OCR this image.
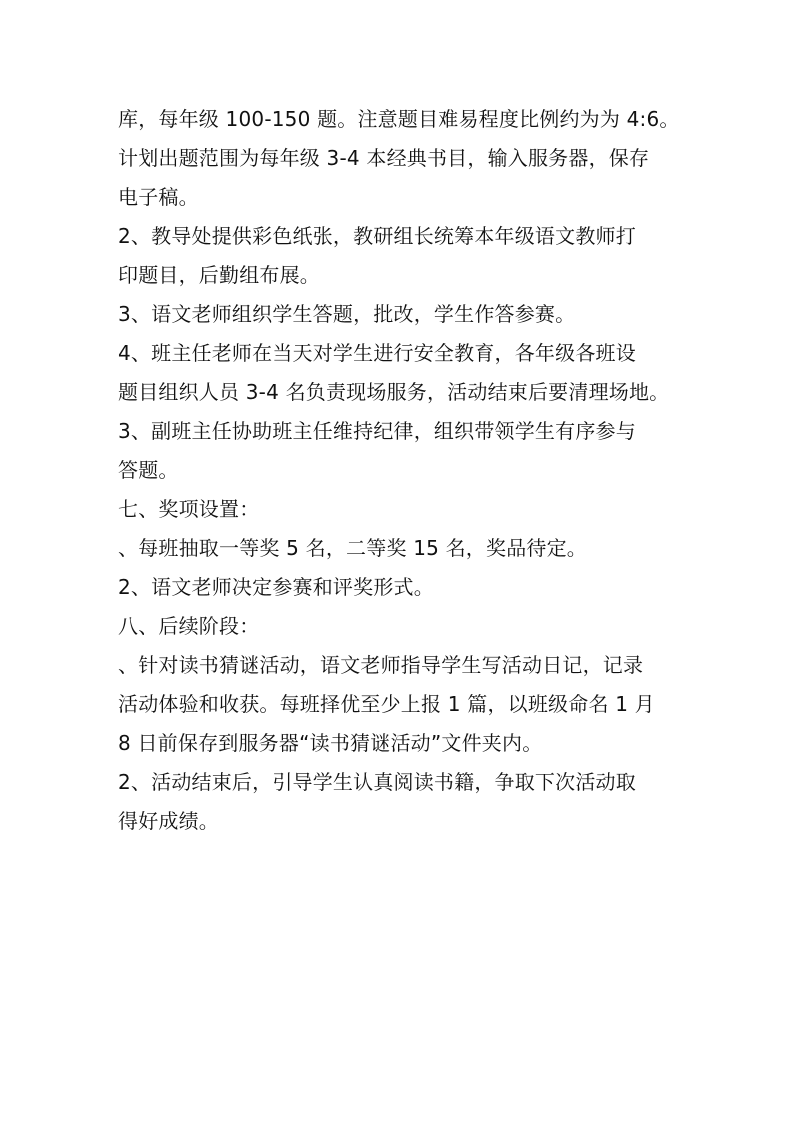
库，每年级 100-150 题。注意题目难易程度比例约为为 4:6。
计划出题范围为每年级 3-4 本经典书目，输入服务器，保存
电子稿。
2、教导处提供彩色纸张，教研组长统筹本年级语文教师打
印题目，后勤组布展。
3、语文老师组织学生答题，批改，学生作答参赛。
4、班主任老师在当天对学生进行安全教育，各年级各班设
题目组织人员 3-4 名负责现场服务，活动结束后要清理场地。
3、副班主任协助班主任维持纪律，组织带领学生有序参与
答题。
七、奖项设置：
、每班抽取一等奖 5 名，二等奖 15 名，奖品待定。
2、语文老师决定参赛和评奖形式。
八、后续阶段：
、针对读书猜谜活动，语文老师指导学生写活动日记，记录
活动体验和收获。每班择优至少上报 1 篇，以班级命名 1 月
8 日前保存到服务器“读书猜谜活动”文件夹内。
2、活动结束后，引导学生认真阅读书籍，争取下次活动取
得好成绩。
